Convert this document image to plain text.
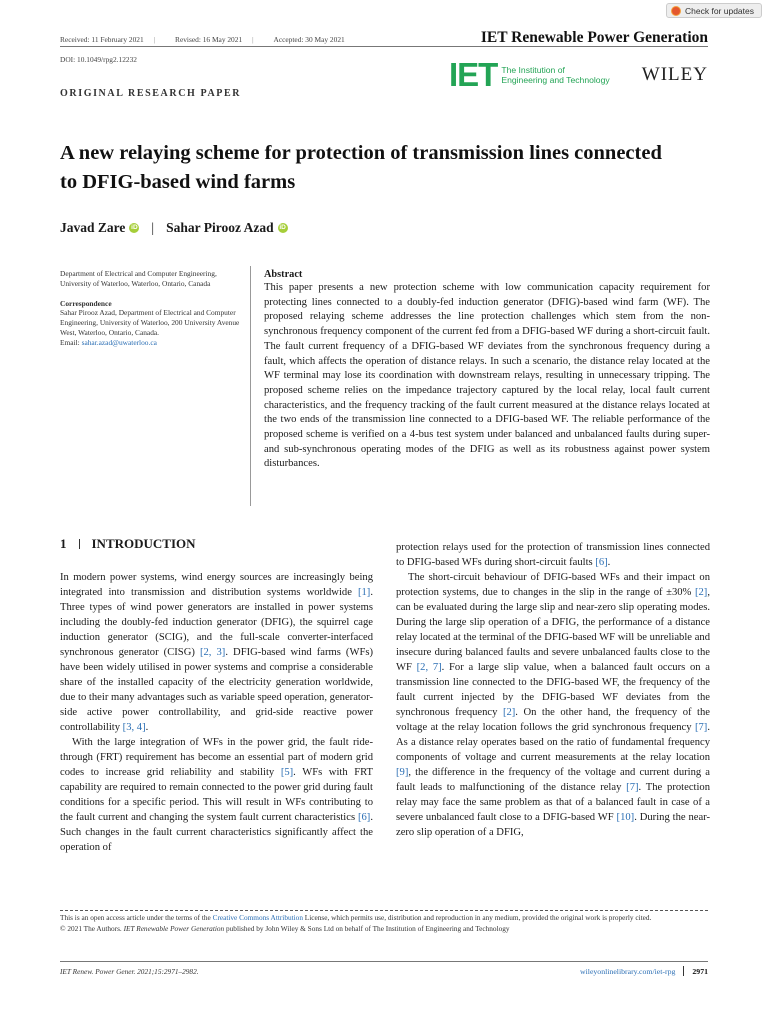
Check for updates
Received: 11 February 2021 |	Revised: 16 May 2021 |	Accepted: 30 May 2021	IET Renewable Power Generation
DOI: 10.1049/rpg2.12232	IET The Institution of
Engineering and Technology WILEY
ORIGINAL RESEARCH PAPER
A new relaying scheme for protection of transmission lines connected to DFIG-based wind farms
Javad Zare iD | Sahar Pirooz Azad iD
Department of Electrical and Computer Engineering, University of Waterloo, Waterloo, Ontario, Canada
Correspondence
Sahar Pirooz Azad, Department of Electrical and Computer Engineering, University of Waterloo, 200 University Avenue West, Waterloo, Ontario, Canada.
Email: sahar.azad@uwaterloo.ca
Abstract
This paper presents a new protection scheme with low communication capacity requirement for protecting lines connected to a doubly-fed induction generator (DFIG)-based wind farm (WF). The proposed relaying scheme addresses the line protection challenges which stem from the non-synchronous frequency component of the current fed from a DFIG-based WF during a short-circuit fault. The fault current frequency of a DFIG-based WF deviates from the synchronous frequency during a fault, which affects the operation of distance relays. In such a scenario, the distance relay located at the WF terminal may lose its coordination with downstream relays, resulting in unnecessary tripping. The proposed scheme relies on the impedance trajectory captured by the local relay, local fault current characteristics, and the frequency tracking of the fault current measured at the distance relays located at the two ends of the transmission line connected to a DFIG-based WF. The reliable performance of the proposed scheme is verified on a 4-bus test system under balanced and unbalanced faults during super- and sub-synchronous operating modes of the DFIG as well as its robustness against power system disturbances.
1 INTRODUCTION

In modern power systems, wind energy sources are increasingly being integrated into transmission and distribution systems worldwide [1]. Three types of wind power generators are installed in power systems including the doubly-fed induction generator (DFIG), the squirrel cage induction generator (SCIG), and the full-scale converter-interfaced synchronous generator (CISG) [2, 3]. DFIG-based wind farms (WFs) have been widely utilised in power systems and comprise a considerable share of the installed capacity of the electricity generation worldwide, due to their many advantages such as variable speed operation, generator-side active power controllability, and grid-side reactive power controllability [3, 4].

With the large integration of WFs in the power grid, the fault ride-through (FRT) requirement has become an essential part of modern grid codes to increase grid reliability and stability [5]. WFs with FRT capability are required to remain connected to the power grid during fault conditions for a specific period. This will result in WFs contributing to the fault current and changing the system fault current characteristics [6]. Such changes in the fault current characteristics significantly affect the operation of

protection relays used for the protection of transmission lines connected to DFIG-based WFs during short-circuit faults [6].

The short-circuit behaviour of DFIG-based WFs and their impact on protection systems, due to changes in the slip in the range of ±30% [2], can be evaluated during the large slip and near-zero slip operating modes. During the large slip operation of a DFIG, the performance of a distance relay located at the terminal of the DFIG-based WF will be unreliable and insecure during balanced faults and severe unbalanced faults close to the WF [2, 7]. For a large slip value, when a balanced fault occurs on a transmission line connected to the DFIG-based WF, the frequency of the fault current injected by the DFIG-based WF deviates from the synchronous frequency [2]. On the other hand, the frequency of the voltage at the relay location follows the grid synchronous frequency [7]. As a distance relay operates based on the ratio of fundamental frequency components of voltage and current measurements at the relay location [9], the difference in the frequency of the voltage and current during a fault leads to malfunctioning of the distance relay [7]. The protection relay may face the same problem as that of a balanced fault in case of a severe unbalanced fault close to a DFIG-based WF [10]. During the near-zero slip operation of a DFIG,

This is an open access article under the terms of the Creative Commons Attribution License, which permits use, distribution and reproduction in any medium, provided the original work is properly cited.
© 2021 The Authors. IET Renewable Power Generation published by John Wiley & Sons Ltd on behalf of The Institution of Engineering and Technology
IET Renew. Power Gener. 2021;15:2971–2982.	wileyonlinelibrary.com/iet-rpg 2971
